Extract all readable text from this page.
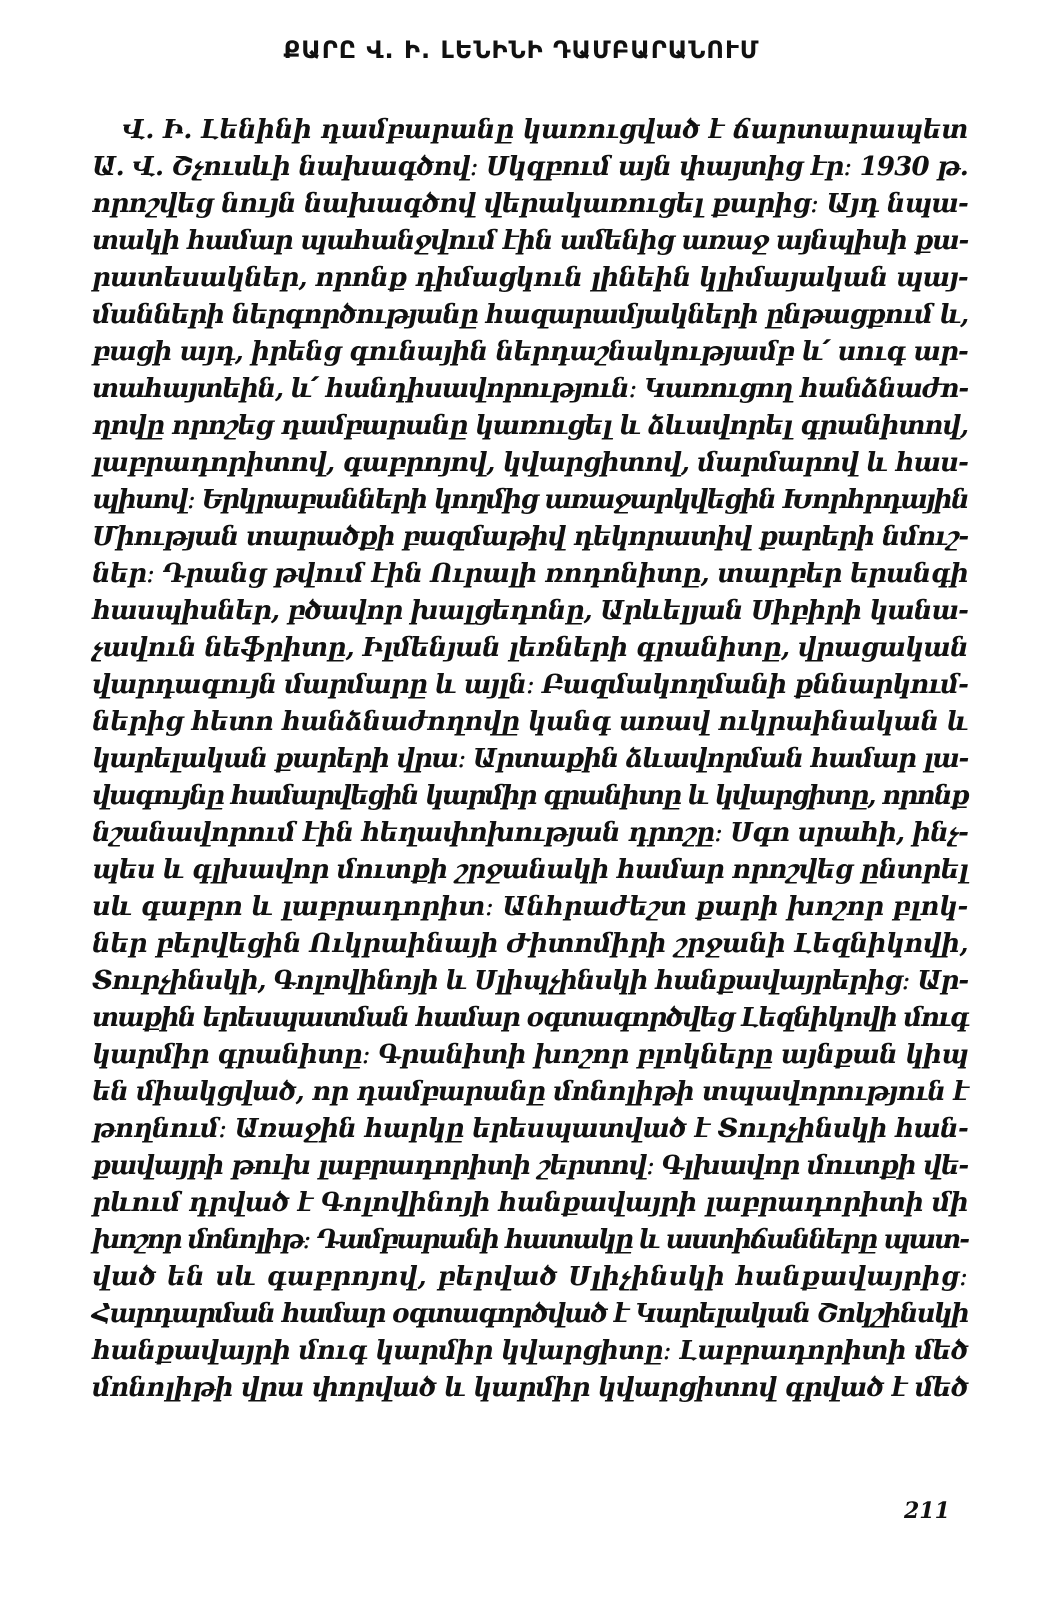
ՔԱՐԸ Վ. Ի. ԼԵՆԻՆԻ ԴԱՄԲԱՐԱՆՈՒՄ
Վ. Ի. Լենինի դամբարանը կառուցված է ճարտարապետ
Ա. Վ. Շչուսևի նախագծով։ Սկզբում այն փայտից էր։ 1930 թ.
որոշվեց նույն նախագծով վերակառուցել քարից։ Այդ նպա-
տակի համար պահանջվում էին ամենից առաջ այնպիսի քա-
րատեսակներ, որոնք դիմացկուն լինեին կլիմայական պայ-
մանների ներգործությանը հազարամյակների ընթացքում և,
բացի այդ, իրենց գունային ներդաշնակությամբ և՛ սուգ ար-
տահայտեին, և՛ հանդիսավորություն։ Կառուցող հանձնաժո-
ղովը որոշեց դամբարանը կառուցել և ձևավորել գրանիտով,
լաբրադորիտով, գաբրոյով, կվարցիտով, մարմարով և հաս-
պիսով։ Երկրաբանների կողմից առաջարկվեցին Խորհրդային
Միության տարածքի բազմաթիվ դեկորատիվ քարերի նմուշ-
ներ։ Դրանց թվում էին Ուրալի ռոդոնիտը, տարբեր երանգի
հասպիսներ, բծավոր խալցեդոնը, Արևելյան Սիբիրի կանա-
չավուն նեֆրիտը, Իլմենյան լեռների գրանիտը, վրացական
վարդագույն մարմարը և այլն։ Բազմակողմանի քննարկում-
ներից հետո հանձնաժողովը կանգ առավ ուկրաինական և
կարելական քարերի վրա։ Արտաքին ձևավորման համար լա-
վագույնը համարվեցին կարմիր գրանիտը և կվարցիտը, որոնք
նշանավորում էին հեղափոխության դրոշը։ Սգո սրահի, ինչ-
պես և գլխավոր մուտքի շրջանակի համար որոշվեց ընտրել
սև գաբրո և լաբրադորիտ։ Անհրաժեշտ քարի խոշոր բլոկ-
ներ բերվեցին Ուկրաինայի Ժիտոմիրի շրջանի Լեզնիկովի,
Տուրչինսկի, Գոլովինոյի և Սլիպչինսկի հանքավայրերից։ Ար-
տաքին երեսպատման համար օգտագործվեց Լեզնիկովի մուգ
կարմիր գրանիտը։ Գրանիտի խոշոր բլոկները այնքան կիպ
են միակցված, որ դամբարանը մոնոլիթի տպավորություն է
թողնում։ Առաջին հարկը երեսպատված է Տուրչինսկի հան-
քավայրի թուխ լաբրադորիտի շերտով։ Գլխավոր մուտքի վե-
րևում դրված է Գոլովինոյի հանքավայրի լաբրադորիտի մի
խոշոր մոնոլիթ։ Դամբարանի հատակը և աստիճանները պատ-
ված են սև գաբրոյով, բերված Սլիչինսկի հանքավայրից։
Հարդարման համար օգտագործված է Կարելական Շոկշինսկի
հանքավայրի մուգ կարմիր կվարցիտը։ Լաբրադորիտի մեծ
մոնոլիթի վրա փորված և կարմիր կվարցիտով գրված է մեծ
211
